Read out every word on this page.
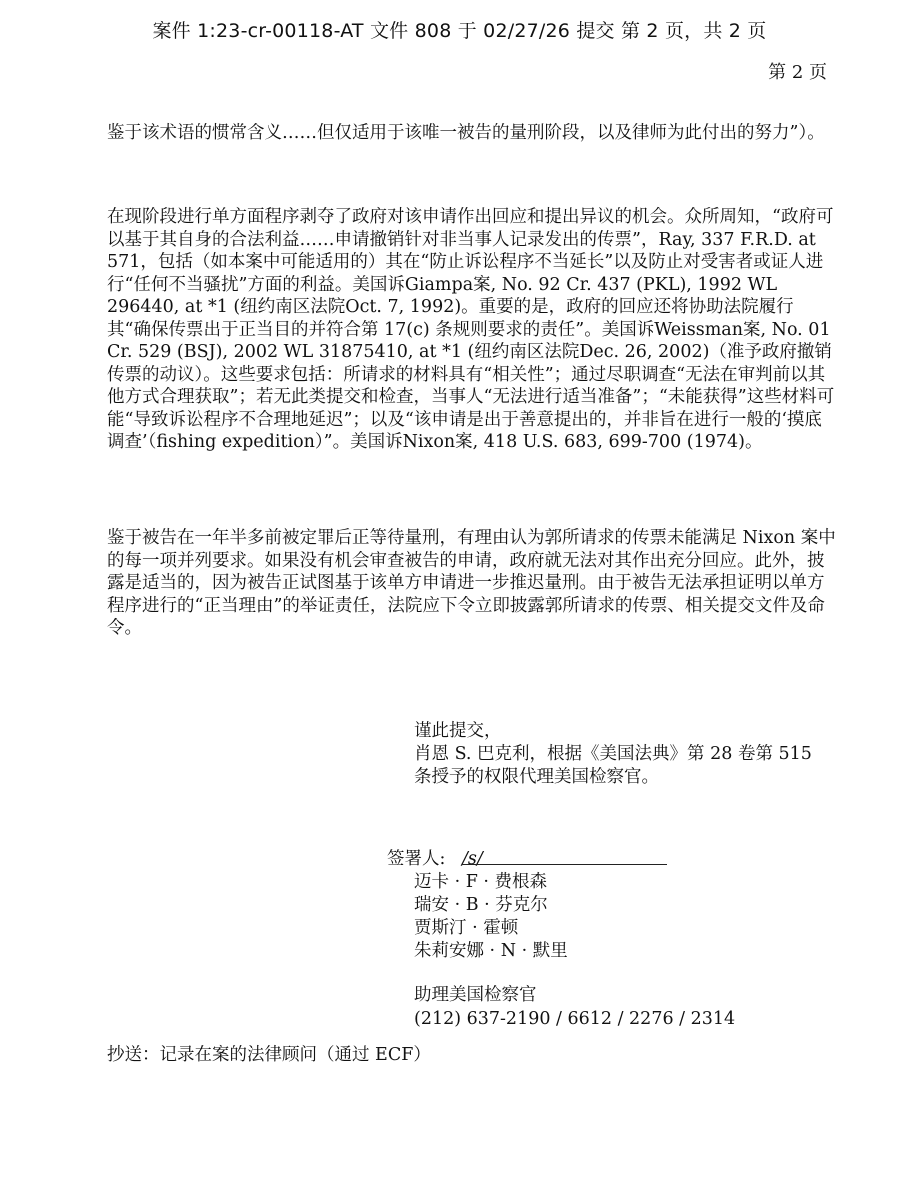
案件 1:23-cr-00118-AT 文件 808 于 02/27/26 提交 第 2 页，共 2 页
第 2 页

鉴于该术语的惯常含义……但仅适用于该唯一被告的量刑阶段，以及律师为此付出的努力”）。

在现阶段进行单方面程序剥夺了政府对该申请作出回应和提出异议的机会。众所周知，“政府可以基于其自身的合法利益……申请撤销针对非当事人记录发出的传票”，Ray, 337 F.R.D. at 571，包括（如本案中可能适用的）其在“防止诉讼程序不当延长”以及防止对受害者或证人进行“任何不当骚扰”方面的利益。美国诉Giampa案, No. 92 Cr. 437 (PKL), 1992 WL 296440, at *1 (纽约南区法院Oct. 7, 1992)。重要的是，政府的回应还将协助法院履行其“确保传票出于正当目的并符合第 17(c) 条规则要求的责任”。美国诉Weissman案, No. 01 Cr. 529 (BSJ), 2002 WL 31875410, at *1 (纽约南区法院Dec. 26, 2002)（准予政府撤销传票的动议）。这些要求包括：所请求的材料具有“相关性”；通过尽职调查“无法在审判前以其他方式合理获取”；若无此类提交和检查，当事人“无法进行适当准备”；“未能获得”这些材料可能“导致诉讼程序不合理地延迟”；以及“该申请是出于善意提出的，并非旨在进行一般的‘摸底调查’（fishing expedition）”。美国诉Nixon案, 418 U.S. 683, 699-700 (1974)。

鉴于被告在一年半多前被定罪后正等待量刑，有理由认为郭所请求的传票未能满足 Nixon 案中的每一项并列要求。如果没有机会审查被告的申请，政府就无法对其作出充分回应。此外，披露是适当的，因为被告正试图基于该单方申请进一步推迟量刑。由于被告无法承担证明以单方程序进行的“正当理由”的举证责任，法院应下令立即披露郭所请求的传票、相关提交文件及命令。

谨此提交，
肖恩 S. 巴克利，根据《美国法典》第 28 卷第 515
条授予的权限代理美国检察官。
签署人: /s/
迈卡 · F · 费根森
瑞安 · B · 芬克尔
贾斯汀 · 霍顿
朱莉安娜 · N · 默里
助理美国检察官
(212) 637-2190 / 6612 / 2276 / 2314
抄送：记录在案的法律顾问（通过 ECF）
